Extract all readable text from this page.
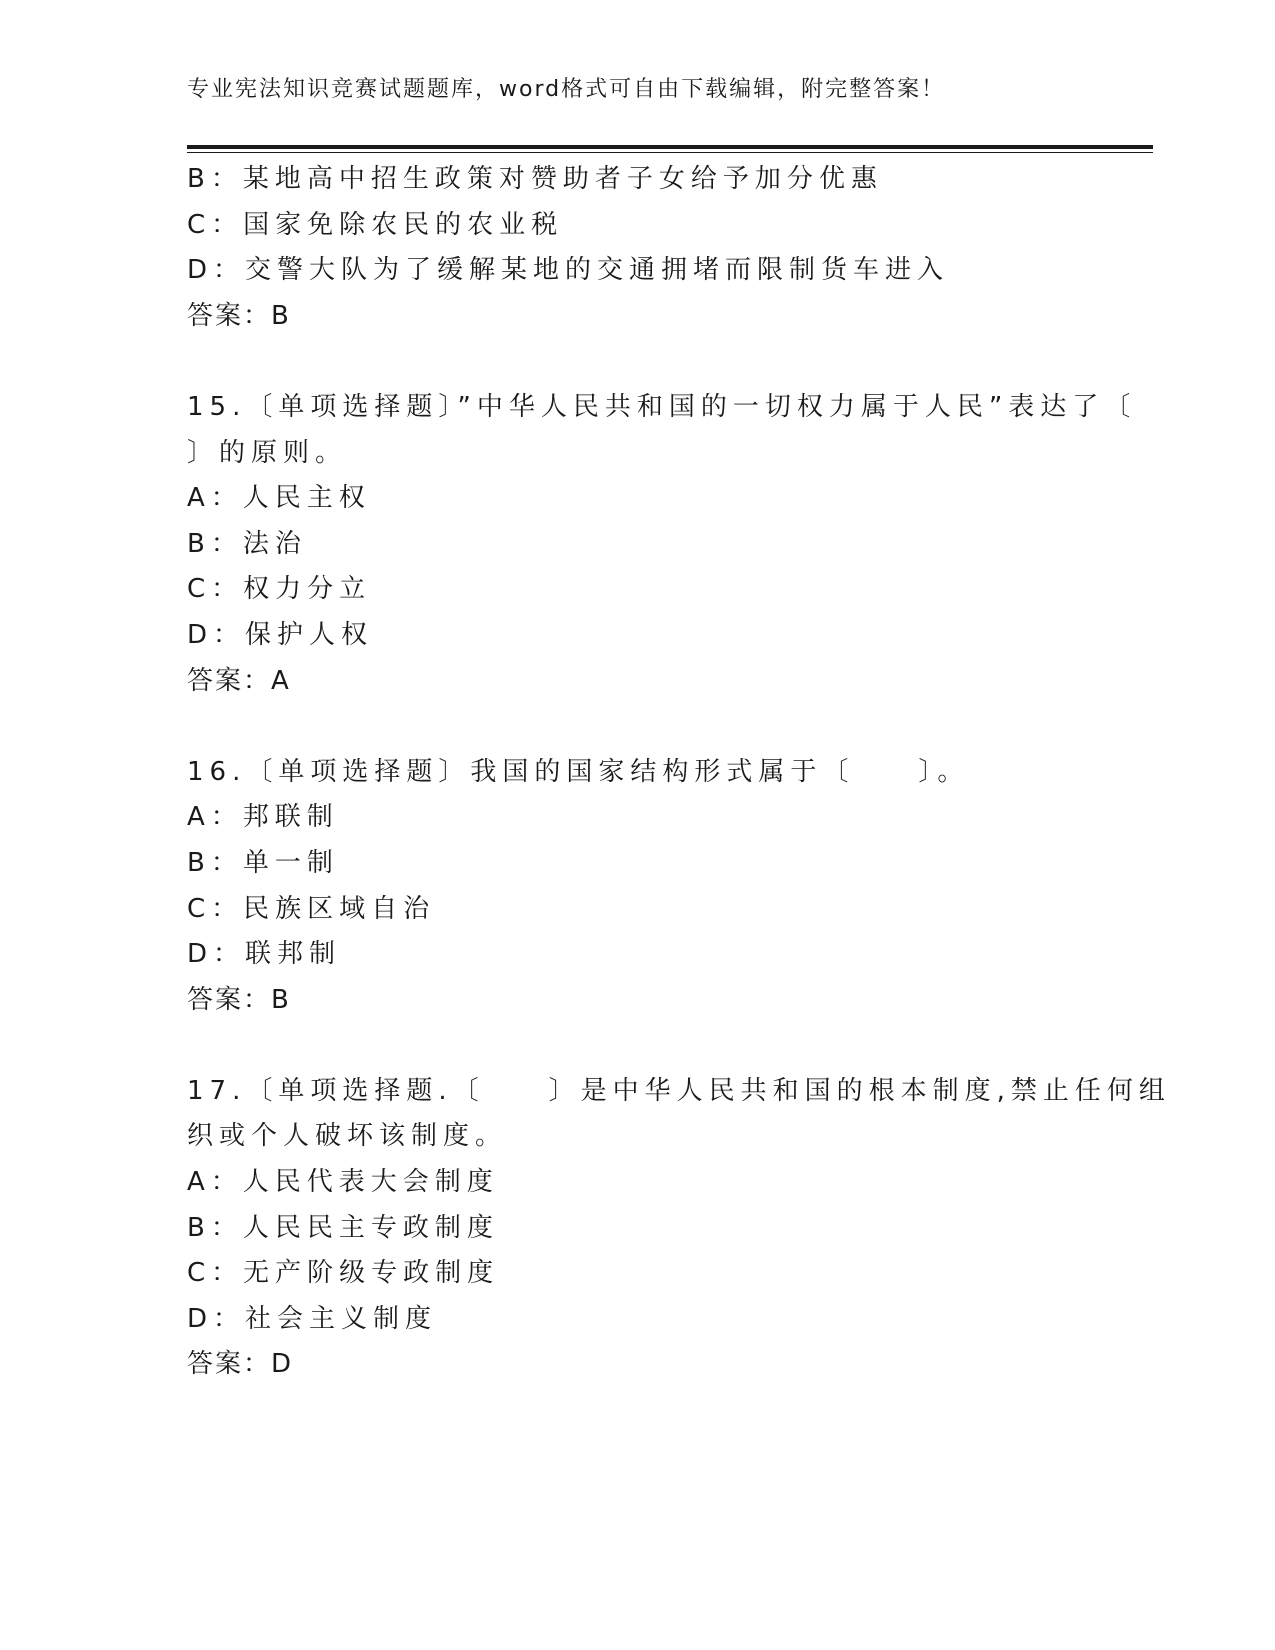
专业宪法知识竞赛试题题库，word格式可自由下载编辑，附完整答案！
B：某地高中招生政策对赞助者子女给予加分优惠
C：国家免除农民的农业税
D：交警大队为了缓解某地的交通拥堵而限制货车进入
答案：B
15.〔单项选择题〕”中华人民共和国的一切权力属于人民”表达了〔
〕的原则。
A：人民主权
B：法治
C：权力分立
D：保护人权
答案：A
16.〔单项选择题〕我国的国家结构形式属于〔　　〕。
A：邦联制
B：单一制
C：民族区域自治
D：联邦制
答案：B
17.〔单项选择题.〔　　〕是中华人民共和国的根本制度,禁止任何组
织或个人破坏该制度。
A：人民代表大会制度
B：人民民主专政制度
C：无产阶级专政制度
D：社会主义制度
答案：D
